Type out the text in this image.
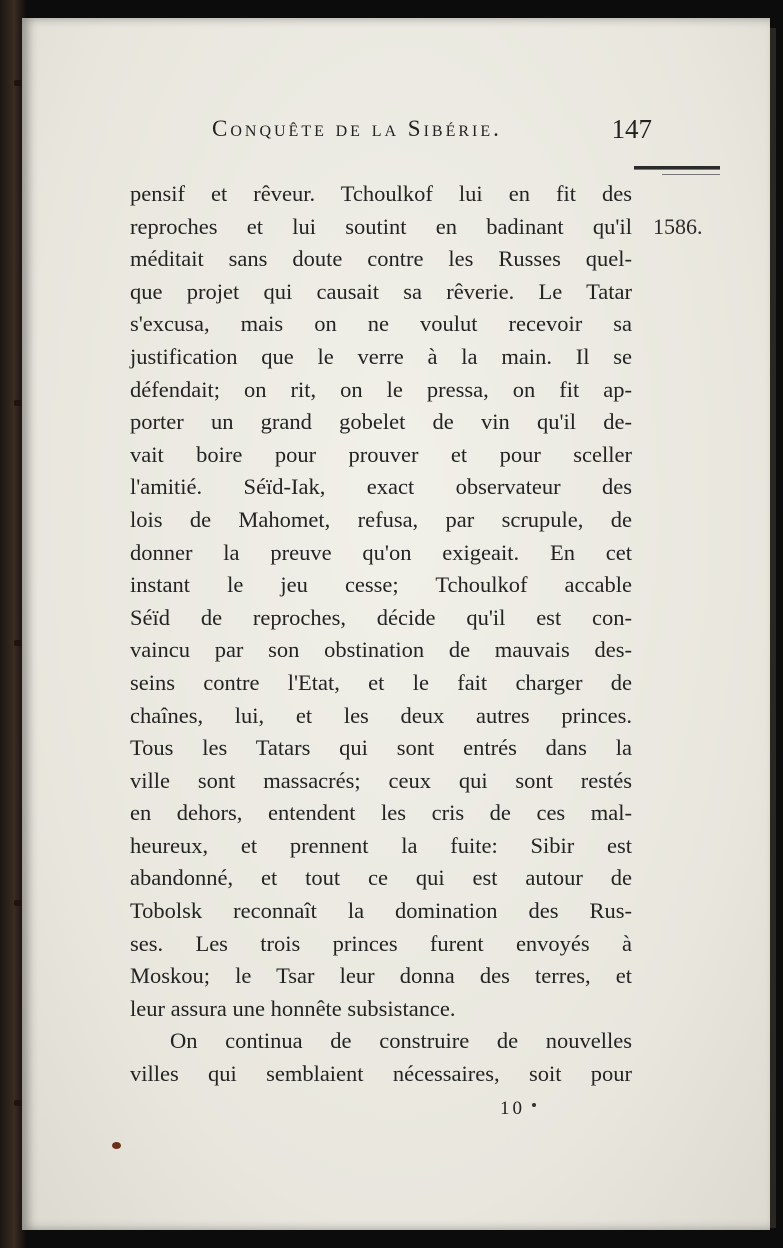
Conquête de la Sibérie.	147
1586.
pensif et rêveur. Tchoulkof lui en fit des
reproches et lui soutint en badinant qu'il
méditait sans doute contre les Russes quel-
que projet qui causait sa rêverie. Le Tatar
s'excusa, mais on ne voulut recevoir sa
justification que le verre à la main. Il se
défendait; on rit, on le pressa, on fit ap-
porter un grand gobelet de vin qu'il de-
vait boire pour prouver et pour sceller
l'amitié. Séïd-Iak, exact observateur des
lois de Mahomet, refusa, par scrupule, de
donner la preuve qu'on exigeait. En cet
instant le jeu cesse; Tchoulkof accable
Séïd de reproches, décide qu'il est con-
vaincu par son obstination de mauvais des-
seins contre l'Etat, et le fait charger de
chaînes, lui, et les deux autres princes.
Tous les Tatars qui sont entrés dans la
ville sont massacrés; ceux qui sont restés
en dehors, entendent les cris de ces mal-
heureux, et prennent la fuite: Sibir est
abandonné, et tout ce qui est autour de
Tobolsk reconnaît la domination des Rus-
ses. Les trois princes furent envoyés à
Moskou; le Tsar leur donna des terres, et
leur assura une honnête subsistance.
On continua de construire de nouvelles
villes qui semblaient nécessaires, soit pour
10
